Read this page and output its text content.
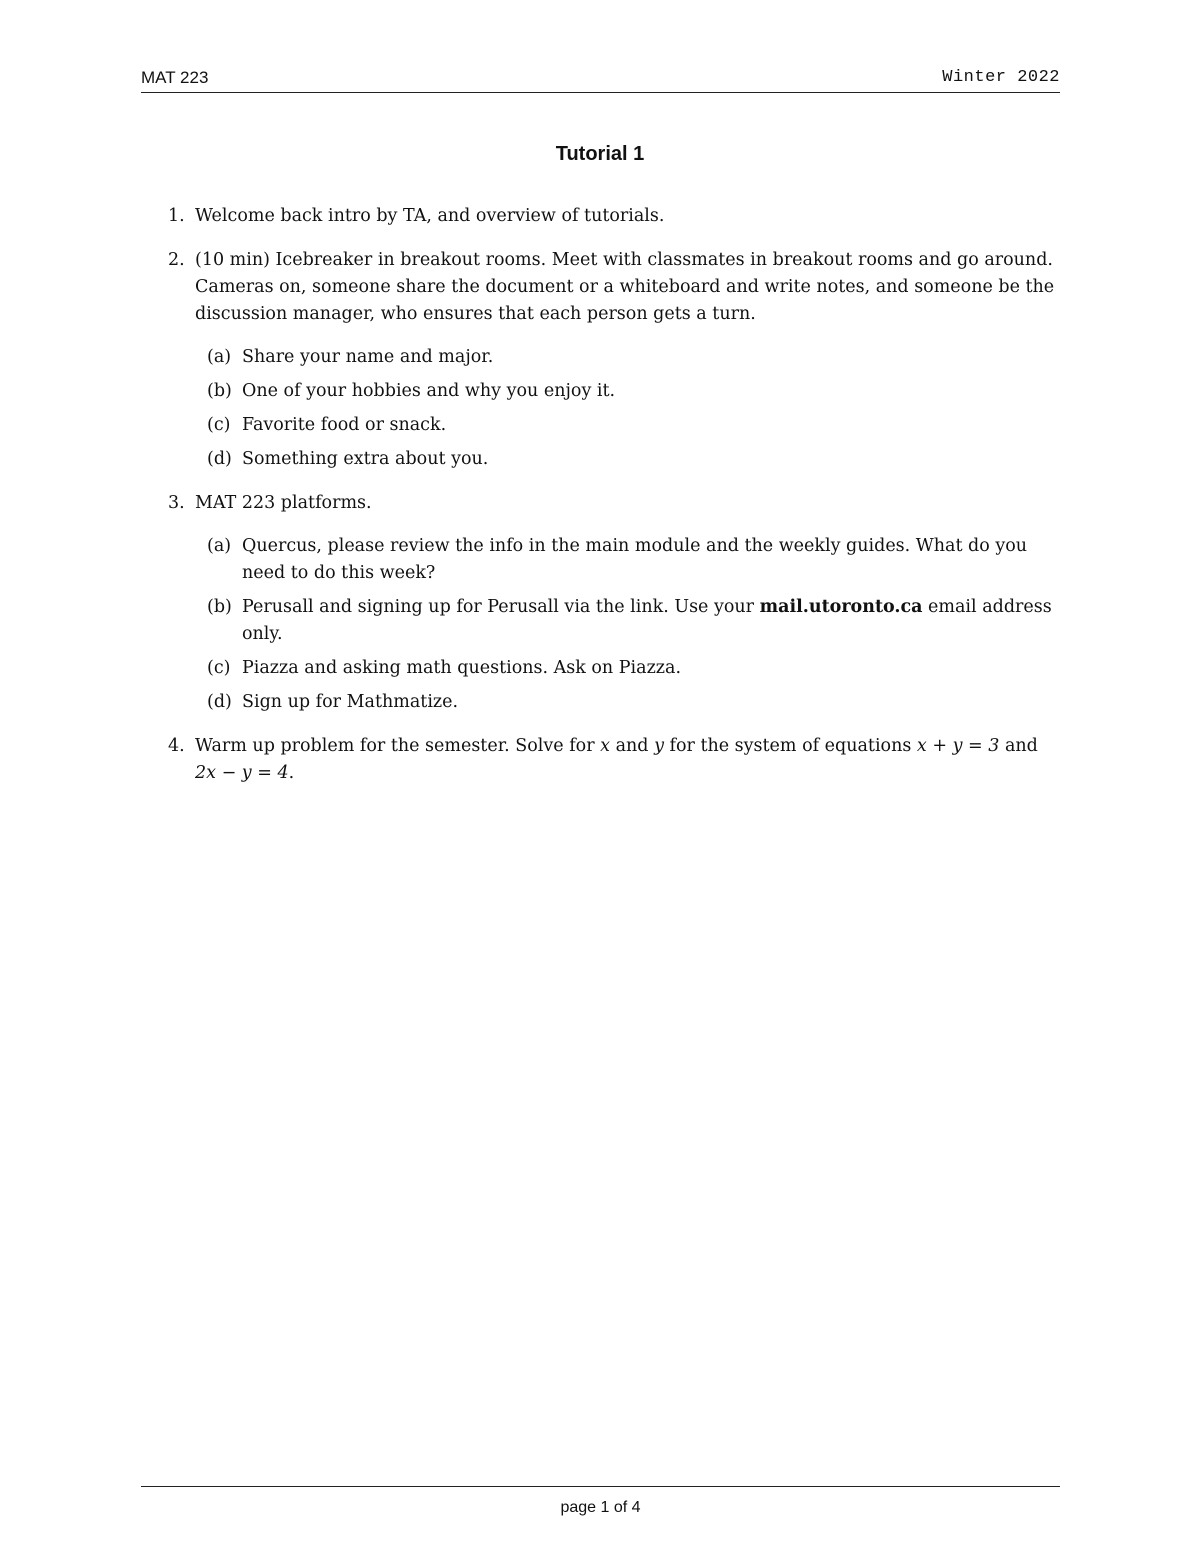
MAT 223	Winter 2022
Tutorial 1
1. Welcome back intro by TA, and overview of tutorials.
2. (10 min) Icebreaker in breakout rooms. Meet with classmates in breakout rooms and go around. Cameras on, someone share the document or a whiteboard and write notes, and someone be the discussion manager, who ensures that each person gets a turn.
(a) Share your name and major.
(b) One of your hobbies and why you enjoy it.
(c) Favorite food or snack.
(d) Something extra about you.
3. MAT 223 platforms.
(a) Quercus, please review the info in the main module and the weekly guides. What do you need to do this week?
(b) Perusall and signing up for Perusall via the link. Use your mail.utoronto.ca email address only.
(c) Piazza and asking math questions. Ask on Piazza.
(d) Sign up for Mathmatize.
4. Warm up problem for the semester. Solve for x and y for the system of equations x + y = 3 and 2x − y = 4.
page 1 of 4
